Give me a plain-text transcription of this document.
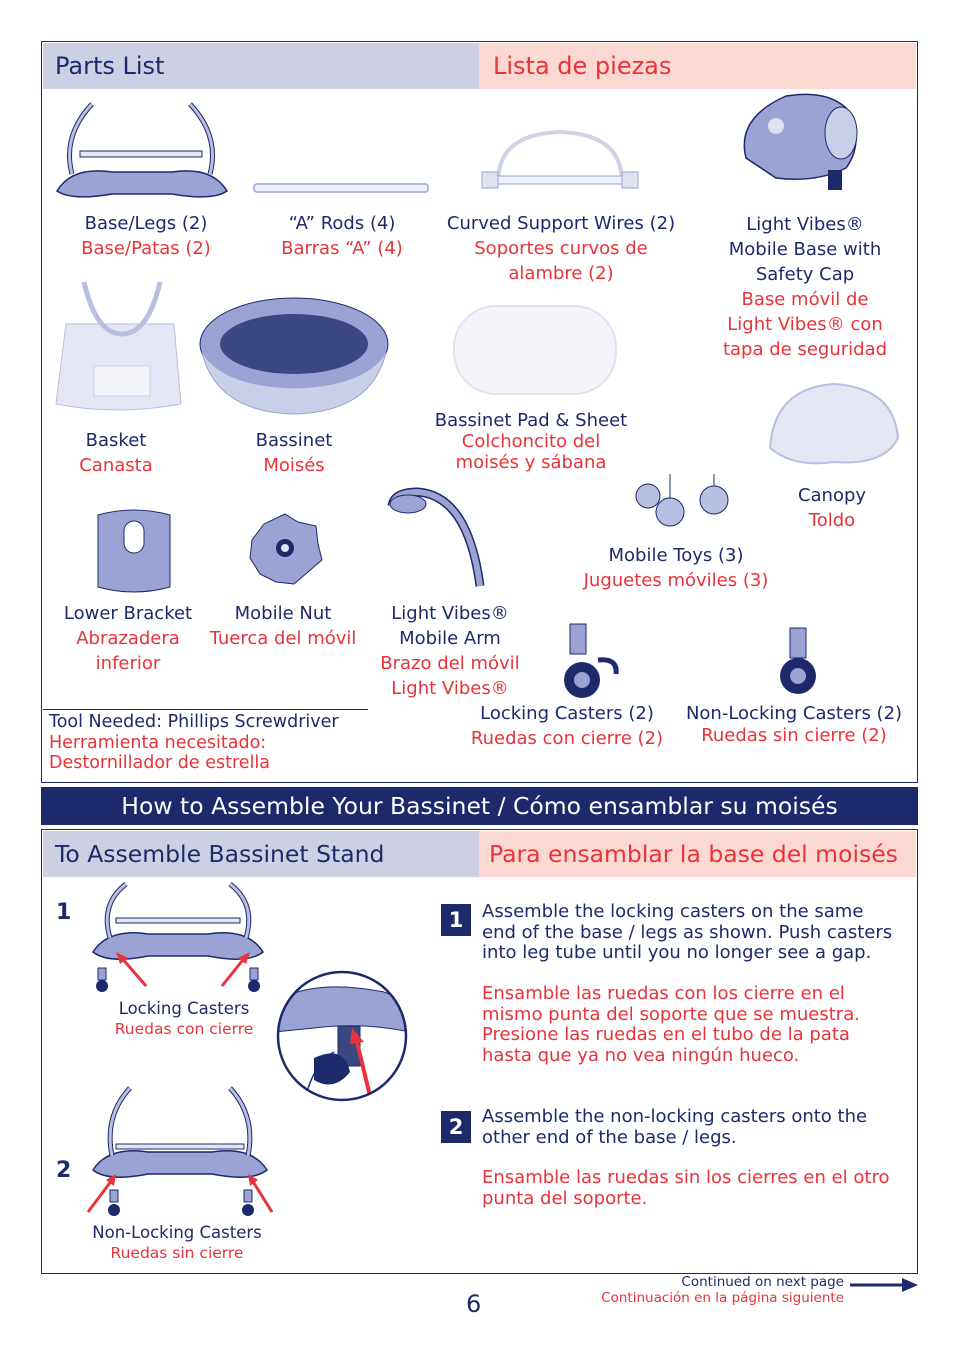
Parts List	Lista de piezas
Base/Legs (2)
Base/Patas (2)
“A” Rods (4)
Barras “A” (4)
Curved Support Wires (2)
Soportes curvos de
alambre (2)
Light Vibes®
Mobile Base with
Safety Cap
Base móvil de
Light Vibes® con
tapa de seguridad
Basket
Canasta
Bassinet
Moisés
Bassinet Pad & Sheet
Colchoncito del
moisés y sábana
Canopy
Toldo
Mobile Toys (3)
Juguetes móviles (3)
Lower Bracket
Abrazadera
inferior
Mobile Nut
Tuerca del móvil
Light Vibes®
Mobile Arm
Brazo del móvil
Light Vibes®
Locking Casters (2)
Ruedas con cierre (2)
Non-Locking Casters (2)
Ruedas sin cierre (2)
Tool Needed: Phillips Screwdriver
Herramienta necesitado:
Destornillador de estrella
How to Assemble Your Bassinet / Cómo ensamblar su moisés
To Assemble Bassinet Stand	Para ensamblar la base del moisés
1
Locking Casters
Ruedas con cierre
2
Non-Locking Casters
Ruedas sin cierre
1	Assemble the locking casters on the same
end of the base / legs as shown. Push casters
into leg tube until you no longer see a gap.
Ensamble las ruedas con los cierre en el
mismo punta del soporte que se muestra.
Presione las ruedas en el tubo de la pata
hasta que ya no vea ningún hueco.
2	Assemble the non-locking casters onto the
other end of the base / legs.
Ensamble las ruedas sin los cierres en el otro
punta del soporte.
Continued on next page
Continuación en la página siguiente
6
